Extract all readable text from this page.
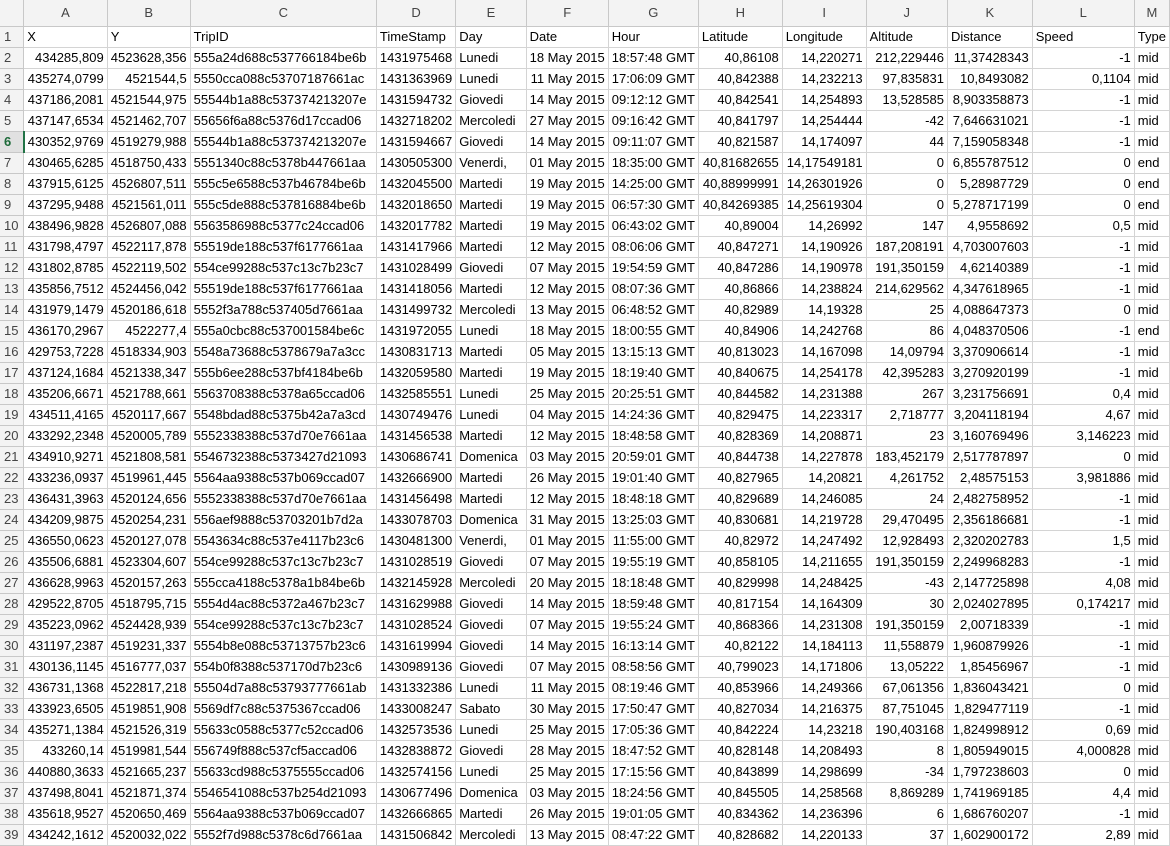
	A	B	C	D	E	F	G	H	I	J	K	L	M
1	X	Y	TripID	TimeStamp	Day	Date	Hour	Latitude	Longitude	Altitude	Distance	Speed	Type
2	434285,809	4523628,356	555a24d688c537766184be6b	1431975468	Lunedi	18 May 2015	18:57:48 GMT	40,86108	14,220271	212,229446	11,37428343	-1	mid
3	435274,0799	4521544,5	5550cca088c53707187661ac	1431363969	Lunedi	11 May 2015	17:06:09 GMT	40,842388	14,232213	97,835831	10,8493082	0,1104	mid
4	437186,2081	4521544,975	55544b1a88c537374213207e	1431594732	Giovedi	14 May 2015	09:12:12 GMT	40,842541	14,254893	13,528585	8,903358873	-1	mid
5	437147,6534	4521462,707	55656f6a88c5376d17ccad06	1432718202	Mercoledi	27 May 2015	09:16:42 GMT	40,841797	14,254444	-42	7,646631021	-1	mid
6	430352,9769	4519279,988	55544b1a88c537374213207e	1431594667	Giovedi	14 May 2015	09:11:07 GMT	40,821587	14,174097	44	7,159058348	-1	mid
7	430465,6285	4518750,433	5551340c88c5378b447661aa	1430505300	Venerdi,	01 May 2015	18:35:00 GMT	40,81682655	14,17549181	0	6,855787512	0	end
8	437915,6125	4526807,511	555c5e6588c537b46784be6b	1432045500	Martedi	19 May 2015	14:25:00 GMT	40,88999991	14,26301926	0	5,28987729	0	end
9	437295,9488	4521561,011	555c5de888c537816884be6b	1432018650	Martedi	19 May 2015	06:57:30 GMT	40,84269385	14,25619304	0	5,278717199	0	end
10	438496,9828	4526807,088	5563586988c5377c24ccad06	1432017782	Martedi	19 May 2015	06:43:02 GMT	40,89004	14,26992	147	4,9558692	0,5	mid
11	431798,4797	4522117,878	55519de188c537f6177661aa	1431417966	Martedi	12 May 2015	08:06:06 GMT	40,847271	14,190926	187,208191	4,703007603	-1	mid
12	431802,8785	4522119,502	554ce99288c537c13c7b23c7	1431028499	Giovedi	07 May 2015	19:54:59 GMT	40,847286	14,190978	191,350159	4,62140389	-1	mid
13	435856,7512	4524456,042	55519de188c537f6177661aa	1431418056	Martedi	12 May 2015	08:07:36 GMT	40,86866	14,238824	214,629562	4,347618965	-1	mid
14	431979,1479	4520186,618	5552f3a788c537405d7661aa	1431499732	Mercoledi	13 May 2015	06:48:52 GMT	40,82989	14,19328	25	4,088647373	0	mid
15	436170,2967	4522277,4	555a0cbc88c537001584be6c	1431972055	Lunedi	18 May 2015	18:00:55 GMT	40,84906	14,242768	86	4,048370506	-1	end
16	429753,7228	4518334,903	5548a73688c5378679a7a3cc	1430831713	Martedi	05 May 2015	13:15:13 GMT	40,813023	14,167098	14,09794	3,370906614	-1	mid
17	437124,1684	4521338,347	555b6ee288c537bf4184be6b	1432059580	Martedi	19 May 2015	18:19:40 GMT	40,840675	14,254178	42,395283	3,270920199	-1	mid
18	435206,6671	4521788,661	5563708388c5378a65ccad06	1432585551	Lunedi	25 May 2015	20:25:51 GMT	40,844582	14,231388	267	3,231756691	0,4	mid
19	434511,4165	4520117,667	5548bdad88c5375b42a7a3cd	1430749476	Lunedi	04 May 2015	14:24:36 GMT	40,829475	14,223317	2,718777	3,204118194	4,67	mid
20	433292,2348	4520005,789	5552338388c537d70e7661aa	1431456538	Martedi	12 May 2015	18:48:58 GMT	40,828369	14,208871	23	3,160769496	3,146223	mid
21	434910,9271	4521808,581	5546732388c5373427d21093	1430686741	Domenica	03 May 2015	20:59:01 GMT	40,844738	14,227878	183,452179	2,517787897	0	mid
22	433236,0937	4519961,445	5564aa9388c537b069ccad07	1432666900	Martedi	26 May 2015	19:01:40 GMT	40,827965	14,20821	4,261752	2,48575153	3,981886	mid
23	436431,3963	4520124,656	5552338388c537d70e7661aa	1431456498	Martedi	12 May 2015	18:48:18 GMT	40,829689	14,246085	24	2,482758952	-1	mid
24	434209,9875	4520254,231	556aef9888c53703201b7d2a	1433078703	Domenica	31 May 2015	13:25:03 GMT	40,830681	14,219728	29,470495	2,356186681	-1	mid
25	436550,0623	4520127,078	5543634c88c537e4117b23c6	1430481300	Venerdi,	01 May 2015	11:55:00 GMT	40,82972	14,247492	12,928493	2,320202783	1,5	mid
26	435506,6881	4523304,607	554ce99288c537c13c7b23c7	1431028519	Giovedi	07 May 2015	19:55:19 GMT	40,858105	14,211655	191,350159	2,249968283	-1	mid
27	436628,9963	4520157,263	555cca4188c5378a1b84be6b	1432145928	Mercoledi	20 May 2015	18:18:48 GMT	40,829998	14,248425	-43	2,147725898	4,08	mid
28	429522,8705	4518795,715	5554d4ac88c5372a467b23c7	1431629988	Giovedi	14 May 2015	18:59:48 GMT	40,817154	14,164309	30	2,024027895	0,174217	mid
29	435223,0962	4524428,939	554ce99288c537c13c7b23c7	1431028524	Giovedi	07 May 2015	19:55:24 GMT	40,868366	14,231308	191,350159	2,00718339	-1	mid
30	431197,2387	4519231,337	5554b8e088c53713757b23c6	1431619994	Giovedi	14 May 2015	16:13:14 GMT	40,82122	14,184113	11,558879	1,960879926	-1	mid
31	430136,1145	4516777,037	554b0f8388c537170d7b23c6	1430989136	Giovedi	07 May 2015	08:58:56 GMT	40,799023	14,171806	13,05222	1,85456967	-1	mid
32	436731,1368	4522817,218	55504d7a88c53793777661ab	1431332386	Lunedi	11 May 2015	08:19:46 GMT	40,853966	14,249366	67,061356	1,836043421	0	mid
33	433923,6505	4519851,908	5569df7c88c5375367ccad06	1433008247	Sabato	30 May 2015	17:50:47 GMT	40,827034	14,216375	87,751045	1,829477119	-1	mid
34	435271,1384	4521526,319	55633c0588c5377c52ccad06	1432573536	Lunedi	25 May 2015	17:05:36 GMT	40,842224	14,23218	190,403168	1,824998912	0,69	mid
35	433260,14	4519981,544	556749f888c537cf5accad06	1432838872	Giovedi	28 May 2015	18:47:52 GMT	40,828148	14,208493	8	1,805949015	4,000828	mid
36	440880,3633	4521665,237	55633cd988c5375555ccad06	1432574156	Lunedi	25 May 2015	17:15:56 GMT	40,843899	14,298699	-34	1,797238603	0	mid
37	437498,8041	4521871,374	5546541088c537b254d21093	1430677496	Domenica	03 May 2015	18:24:56 GMT	40,845505	14,258568	8,869289	1,741969185	4,4	mid
38	435618,9527	4520650,469	5564aa9388c537b069ccad07	1432666865	Martedi	26 May 2015	19:01:05 GMT	40,834362	14,236396	6	1,686760207	-1	mid
39	434242,1612	4520032,022	5552f7d988c5378c6d7661aa	1431506842	Mercoledi	13 May 2015	08:47:22 GMT	40,828682	14,220133	37	1,602900172	2,89	mid
